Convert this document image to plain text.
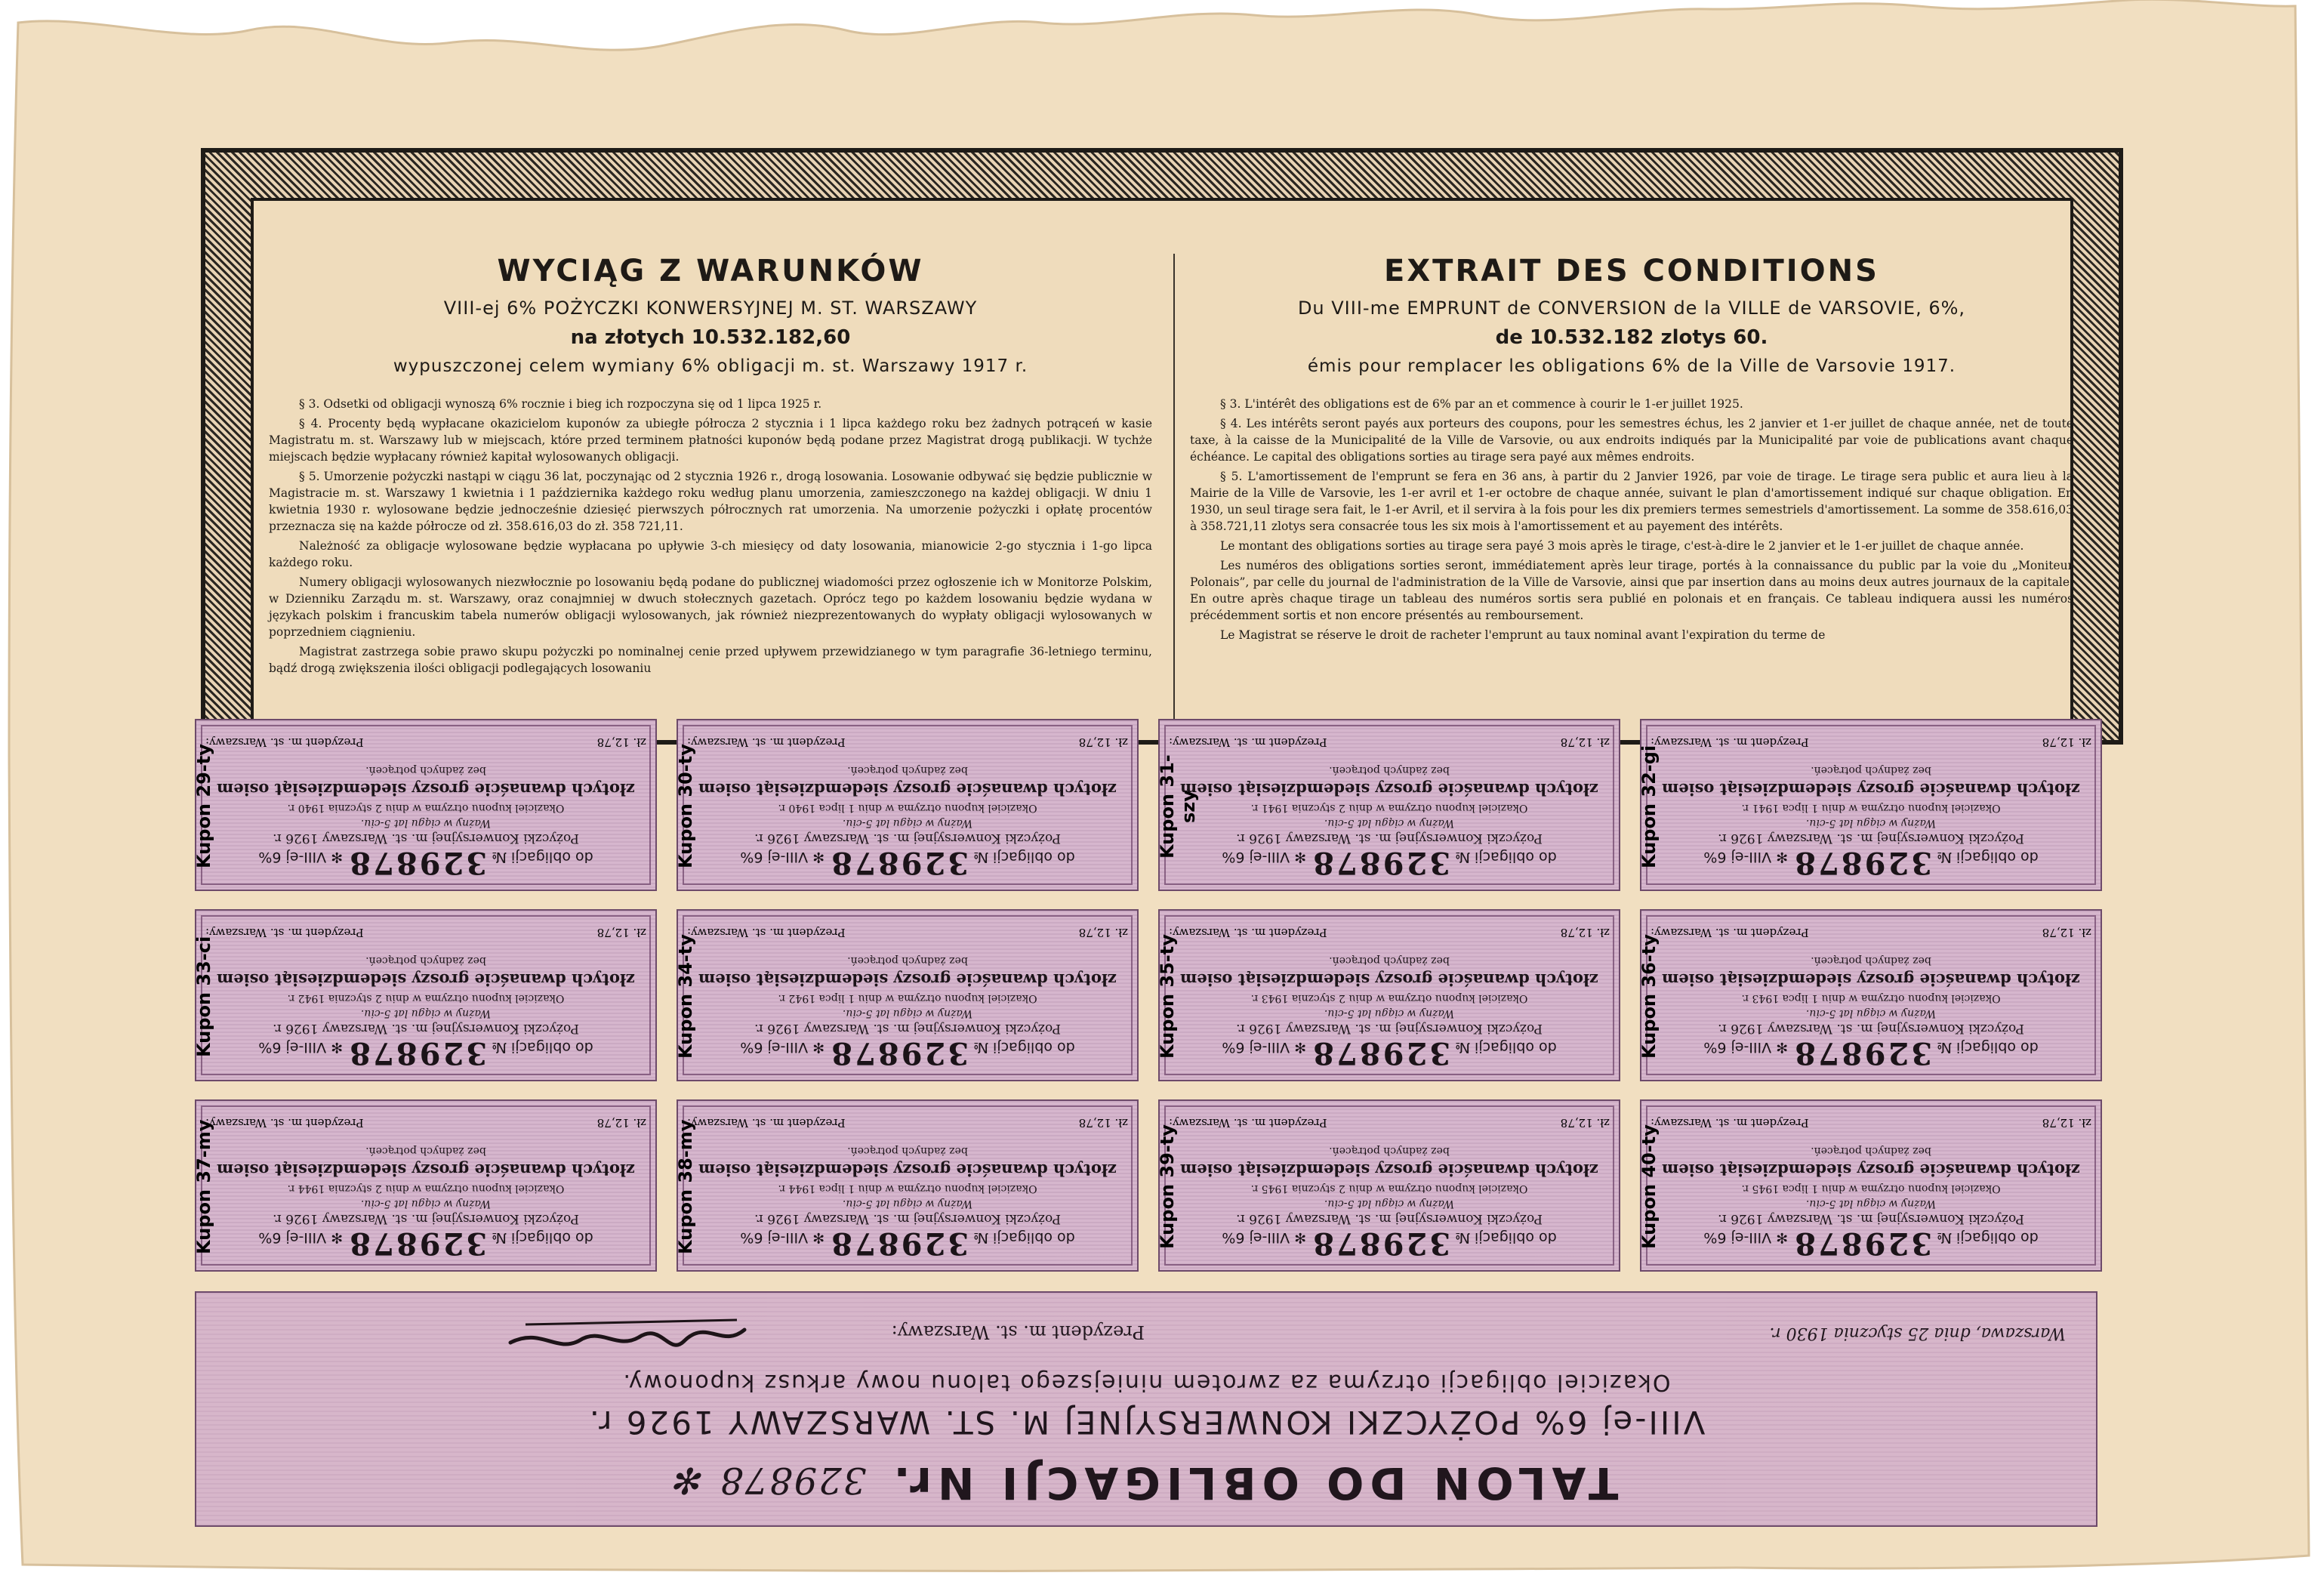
WYCIĄG Z WARUNKÓW
VIII-ej 6% POŻYCZKI KONWERSYJNEJ M. ST. WARSZAWY
na złotych 10.532.182,60
wypuszczonej celem wymiany 6% obligacji m. st. Warszawy 1917 r.

§ 3. Odsetki od obligacji wynoszą 6% rocznie i bieg ich rozpoczyna się od 1 lipca 1925 r.

§ 4. Procenty będą wypłacane okazicielom kuponów za ubiegłe półrocza 2 stycznia i 1 lipca każdego roku bez żadnych potrąceń w kasie Magistratu m. st. Warszawy lub w miejscach, które przed terminem płatności kuponów będą podane przez Magistrat drogą publikacji. W tychże miejscach będzie wypłacany również kapitał wylosowanych obligacji.

§ 5. Umorzenie pożyczki nastąpi w ciągu 36 lat, poczynając od 2 stycznia 1926 r., drogą losowania. Losowanie odbywać się będzie publicznie w Magistracie m. st. Warszawy 1 kwietnia i 1 października każdego roku według planu umorzenia, zamieszczonego na każdej obligacji. W dniu 1 kwietnia 1930 r. wylosowane będzie jednocześnie dziesięć pierwszych półrocznych rat umorzenia. Na umorzenie pożyczki i opłatę procentów przeznacza się na każde półrocze od zł. 358.616,03 do zł. 358 721,11.

Należność za obligacje wylosowane będzie wypłacana po upływie 3-ch miesięcy od daty losowania, mianowicie 2-go stycznia i 1-go lipca każdego roku.

Numery obligacji wylosowanych niezwłocznie po losowaniu będą podane do publicznej wiadomości przez ogłoszenie ich w Monitorze Polskim, w Dzienniku Zarządu m. st. Warszawy, oraz conajmniej w dwuch stołecznych gazetach. Oprócz tego po każdem losowaniu będzie wydana w językach polskim i francuskim tabela numerów obligacji wylosowanych, jak również niezprezentowanych do wypłaty obligacji wylosowanych w poprzedniem ciągnieniu.

Magistrat zastrzega sobie prawo skupu pożyczki po nominalnej cenie przed upływem przewidzianego w tym paragrafie 36-letniego terminu, bądź drogą zwiększenia ilości obligacji podlegających losowaniu

EXTRAIT DES CONDITIONS
Du VIII-me EMPRUNT de CONVERSION de la VILLE de VARSOVIE, 6%,
de 10.532.182 zlotys 60.
émis pour remplacer les obligations 6% de la Ville de Varsovie 1917.

§ 3. L'intérêt des obligations est de 6% par an et commence à courir le 1-er juillet 1925.

§ 4. Les intérêts seront payés aux porteurs des coupons, pour les semestres échus, les 2 janvier et 1-er juillet de chaque année, net de toute taxe, à la caisse de la Municipalité de la Ville de Varsovie, ou aux endroits indiqués par la Municipalité par voie de publications avant chaque échéance. Le capital des obligations sorties au tirage sera payé aux mêmes endroits.

§ 5. L'amortissement de l'emprunt se fera en 36 ans, à partir du 2 Janvier 1926, par voie de tirage. Le tirage sera public et aura lieu à la Mairie de la Ville de Varsovie, les 1-er avril et 1-er octobre de chaque année, suivant le plan d'amortissement indiqué sur chaque obligation. En 1930, un seul tirage sera fait, le 1-er Avril, et il servira à la fois pour les dix premiers termes semestriels d'amortissement. La somme de 358.616,03 à 358.721,11 zlotys sera consacrée tous les six mois à l'amortissement et au payement des intérêts.

Le montant des obligations sorties au tirage sera payé 3 mois après le tirage, c'est-à-dire le 2 janvier et le 1-er juillet de chaque année.

Les numéros des obligations sorties seront, immédiatement après leur tirage, portés à la connaissance du public par la voie du „Moniteur Polonais”, par celle du journal de l'administration de la Ville de Varsovie, ainsi que par insertion dans au moins deux autres journaux de la capitale. En outre après chaque tirage un tableau des numéros sortis sera publié en polonais et en français. Ce tableau indiquera aussi les numéros précédemment sortis et non encore présentés au remboursement.

Le Magistrat se réserve le droit de racheter l'emprunt au taux nominal avant l'expiration du terme de

do obligacji № 329878 ✻ VIII-ej 6%
Pożyczki Konwersyjnej m. st. Warszawy 1926 r.
Ważny w ciągu lat 5-ciu.
Okaziciel kuponu otrzyma w dniu 2 stycznia 1940 r.
złotych dwanaście groszy siedemdziesiąt osiem
bez żadnych potrąceń.
zł. 12,78
Prezydent m. st. Warszawy:
Kupon 29-ty
do obligacji № 329878 ✻ VIII-ej 6%
Pożyczki Konwersyjnej m. st. Warszawy 1926 r.
Ważny w ciągu lat 5-ciu.
Okaziciel kuponu otrzyma w dniu 1 lipca 1940 r.
złotych dwanaście groszy siedemdziesiąt osiem
bez żadnych potrąceń.
zł. 12,78
Prezydent m. st. Warszawy:
Kupon 30-ty
do obligacji № 329878 ✻ VIII-ej 6%
Pożyczki Konwersyjnej m. st. Warszawy 1926 r.
Ważny w ciągu lat 5-ciu.
Okaziciel kuponu otrzyma w dniu 2 stycznia 1941 r.
złotych dwanaście groszy siedemdziesiąt osiem
bez żadnych potrąceń.
zł. 12,78
Prezydent m. st. Warszawy:
Kupon 31-szy
do obligacji № 329878 ✻ VIII-ej 6%
Pożyczki Konwersyjnej m. st. Warszawy 1926 r.
Ważny w ciągu lat 5-ciu.
Okaziciel kuponu otrzyma w dniu 1 lipca 1941 r.
złotych dwanaście groszy siedemdziesiąt osiem
bez żadnych potrąceń.
zł. 12,78
Prezydent m. st. Warszawy:
Kupon 32-gi
do obligacji № 329878 ✻ VIII-ej 6%
Pożyczki Konwersyjnej m. st. Warszawy 1926 r.
Ważny w ciągu lat 5-ciu.
Okaziciel kuponu otrzyma w dniu 2 stycznia 1942 r.
złotych dwanaście groszy siedemdziesiąt osiem
bez żadnych potrąceń.
zł. 12,78
Prezydent m. st. Warszawy:
Kupon 33-ci
do obligacji № 329878 ✻ VIII-ej 6%
Pożyczki Konwersyjnej m. st. Warszawy 1926 r.
Ważny w ciągu lat 5-ciu.
Okaziciel kuponu otrzyma w dniu 1 lipca 1942 r.
złotych dwanaście groszy siedemdziesiąt osiem
bez żadnych potrąceń.
zł. 12,78
Prezydent m. st. Warszawy:
Kupon 34-ty
do obligacji № 329878 ✻ VIII-ej 6%
Pożyczki Konwersyjnej m. st. Warszawy 1926 r.
Ważny w ciągu lat 5-ciu.
Okaziciel kuponu otrzyma w dniu 2 stycznia 1943 r.
złotych dwanaście groszy siedemdziesiąt osiem
bez żadnych potrąceń.
zł. 12,78
Prezydent m. st. Warszawy:
Kupon 35-ty
do obligacji № 329878 ✻ VIII-ej 6%
Pożyczki Konwersyjnej m. st. Warszawy 1926 r.
Ważny w ciągu lat 5-ciu.
Okaziciel kuponu otrzyma w dniu 1 lipca 1943 r.
złotych dwanaście groszy siedemdziesiąt osiem
bez żadnych potrąceń.
zł. 12,78
Prezydent m. st. Warszawy:
Kupon 36-ty
do obligacji № 329878 ✻ VIII-ej 6%
Pożyczki Konwersyjnej m. st. Warszawy 1926 r.
Ważny w ciągu lat 5-ciu.
Okaziciel kuponu otrzyma w dniu 2 stycznia 1944 r.
złotych dwanaście groszy siedemdziesiąt osiem
bez żadnych potrąceń.
zł. 12,78
Prezydent m. st. Warszawy:
Kupon 37-my
do obligacji № 329878 ✻ VIII-ej 6%
Pożyczki Konwersyjnej m. st. Warszawy 1926 r.
Ważny w ciągu lat 5-ciu.
Okaziciel kuponu otrzyma w dniu 1 lipca 1944 r.
złotych dwanaście groszy siedemdziesiąt osiem
bez żadnych potrąceń.
zł. 12,78
Prezydent m. st. Warszawy:
Kupon 38-my
do obligacji № 329878 ✻ VIII-ej 6%
Pożyczki Konwersyjnej m. st. Warszawy 1926 r.
Ważny w ciągu lat 5-ciu.
Okaziciel kuponu otrzyma w dniu 2 stycznia 1945 r.
złotych dwanaście groszy siedemdziesiąt osiem
bez żadnych potrąceń.
zł. 12,78
Prezydent m. st. Warszawy:
Kupon 39-ty
do obligacji № 329878 ✻ VIII-ej 6%
Pożyczki Konwersyjnej m. st. Warszawy 1926 r.
Ważny w ciągu lat 5-ciu.
Okaziciel kuponu otrzyma w dniu 1 lipca 1945 r.
złotych dwanaście groszy siedemdziesiąt osiem
bez żadnych potrąceń.
zł. 12,78
Prezydent m. st. Warszawy:
Kupon 40-ty
TALON DO OBLIGACJI Nr. 329878 ✻
VIII-ej 6% POŻYCZKI KONWERSYJNEJ M. ST. WARSZAWY 1926 r.
Okaziciel obligacji otrzyma za zwrotem niniejszego talonu nowy arkusz kuponowy.
Warszawa, dnia 25 stycznia 1930 r.
Prezydent m. st. Warszawy:
